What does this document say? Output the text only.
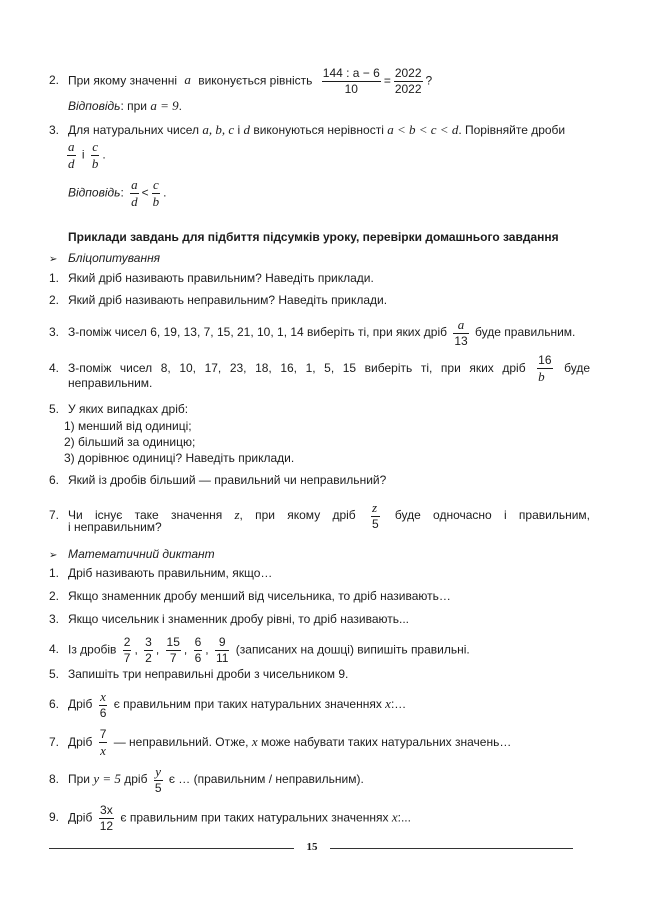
2. При якому значенні a виконується рівність $\frac{144 : a - 6}{10} = \frac{2022}{2022}$ ?
Відповідь: при a = 9.
3. Для натуральних чисел a, b, c і d виконуються нерівності a < b < c < d. Порівняйте дроби
$\frac{a}{d}$ і $\frac{c}{b}$ .
Відповідь: $\frac{a}{d} < \frac{c}{b}$ .
Приклади завдань для підбиття підсумків уроку, перевірки домашнього завдання
➢ Бліцопитування
1. Який дріб називають правильним? Наведіть приклади.
2. Який дріб називають неправильним? Наведіть приклади.
3. З-поміж чисел 6, 19, 13, 7, 15, 21, 10, 1, 14 виберіть ті, при яких дріб $\frac{a}{13}$ буде правильним.
4. З-поміж чисел 8, 10, 17, 23, 18, 16, 1, 5, 15 виберіть ті, при яких дріб $\frac{16}{b}$ буде
неправильним.
5. У яких випадках дріб:
1) менший від одиниці;
2) більший за одиницю;
3) дорівнює одиниці? Наведіть приклади.
6. Який із дробів більший — правильний чи неправильний?
7. Чи існує таке значення z, при якому дріб $\frac{z}{5}$ буде одночасно і правильним,
і неправильним?
➢ Математичний диктант
1. Дріб називають правильним, якщо…
2. Якщо знаменник дробу менший від чисельника, то дріб називають…
3. Якщо чисельник і знаменник дробу рівні, то дріб називають...
4. Із дробів $\frac{2}{7}$ , $\frac{3}{2}$ , $\frac{15}{7}$ , $\frac{6}{6}$ , $\frac{9}{11}$ (записаних на дошці) випишіть правильні.
5. Запишіть три неправильні дроби з чисельником 9.
6. Дріб $\frac{x}{6}$ є правильним при таких натуральних значеннях x:…
7. Дріб $\frac{7}{x}$ — неправильний. Отже, x може набувати таких натуральних значень…
8. При y = 5 дріб $\frac{y}{5}$ є … (правильним / неправильним).
9. Дріб $\frac{3x}{12}$ є правильним при таких натуральних значеннях x:...
15
